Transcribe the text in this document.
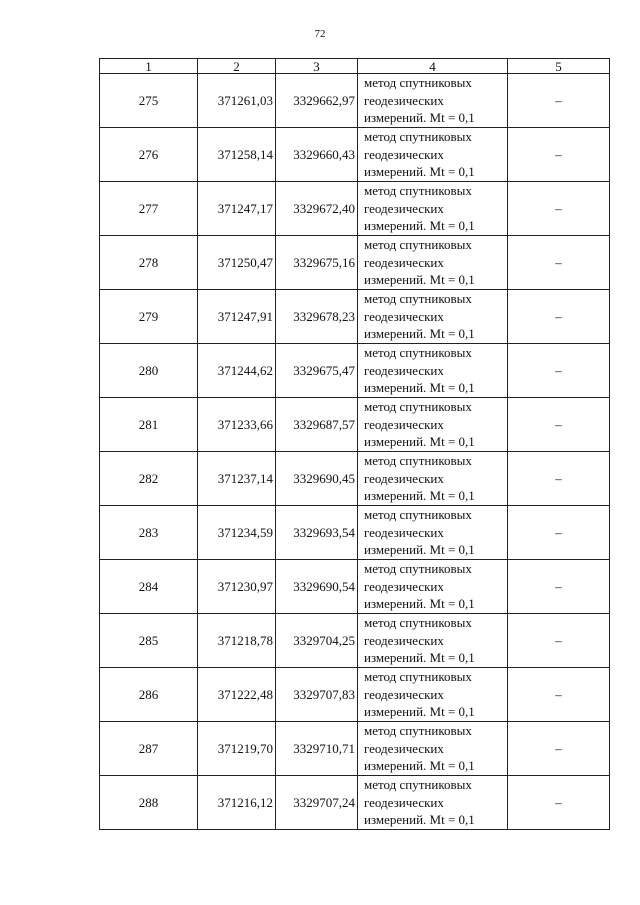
72
1	2	3	4	5
275	371261,03	3329662,97	метод спутниковых
геодезических
измерений. Mt = 0,1	–
276	371258,14	3329660,43	метод спутниковых
геодезических
измерений. Mt = 0,1	–
277	371247,17	3329672,40	метод спутниковых
геодезических
измерений. Mt = 0,1	–
278	371250,47	3329675,16	метод спутниковых
геодезических
измерений. Mt = 0,1	–
279	371247,91	3329678,23	метод спутниковых
геодезических
измерений. Mt = 0,1	–
280	371244,62	3329675,47	метод спутниковых
геодезических
измерений. Mt = 0,1	–
281	371233,66	3329687,57	метод спутниковых
геодезических
измерений. Mt = 0,1	–
282	371237,14	3329690,45	метод спутниковых
геодезических
измерений. Mt = 0,1	–
283	371234,59	3329693,54	метод спутниковых
геодезических
измерений. Mt = 0,1	–
284	371230,97	3329690,54	метод спутниковых
геодезических
измерений. Mt = 0,1	–
285	371218,78	3329704,25	метод спутниковых
геодезических
измерений. Mt = 0,1	–
286	371222,48	3329707,83	метод спутниковых
геодезических
измерений. Mt = 0,1	–
287	371219,70	3329710,71	метод спутниковых
геодезических
измерений. Mt = 0,1	–
288	371216,12	3329707,24	метод спутниковых
геодезических
измерений. Mt = 0,1	–
